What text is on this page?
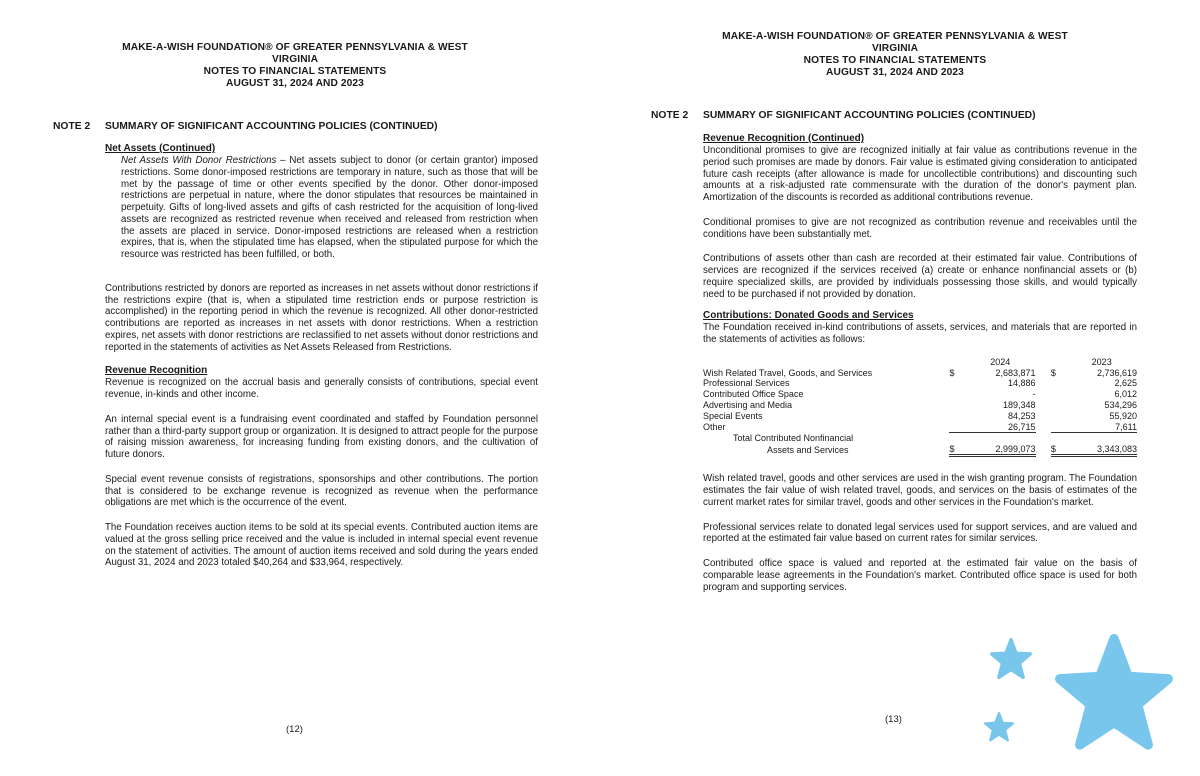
MAKE-A-WISH FOUNDATION® OF GREATER PENNSYLVANIA & WEST VIRGINIA
NOTES TO FINANCIAL STATEMENTS
AUGUST 31, 2024 AND 2023
NOTE 2 SUMMARY OF SIGNIFICANT ACCOUNTING POLICIES (CONTINUED)
Net Assets (Continued)

Net Assets With Donor Restrictions – Net assets subject to donor (or certain grantor) imposed restrictions. Some donor-imposed restrictions are temporary in nature, such as those that will be met by the passage of time or other events specified by the donor. Other donor-imposed restrictions are perpetual in nature, where the donor stipulates that resources be maintained in perpetuity. Gifts of long-lived assets and gifts of cash restricted for the acquisition of long-lived assets are recognized as restricted revenue when received and released from restriction when the assets are placed in service. Donor-imposed restrictions are released when a restriction expires, that is, when the stipulated time has elapsed, when the stipulated purpose for which the resource was restricted has been fulfilled, or both.

Contributions restricted by donors are reported as increases in net assets without donor restrictions if the restrictions expire (that is, when a stipulated time restriction ends or purpose restriction is accomplished) in the reporting period in which the revenue is recognized. All other donor-restricted contributions are reported as increases in net assets with donor restrictions. When a restriction expires, net assets with donor restrictions are reclassified to net assets without donor restrictions and reported in the statements of activities as Net Assets Released from Restrictions.

Revenue Recognition

Revenue is recognized on the accrual basis and generally consists of contributions, special event revenue, in-kinds and other income.

An internal special event is a fundraising event coordinated and staffed by Foundation personnel rather than a third-party support group or organization. It is designed to attract people for the purpose of raising mission awareness, for increasing funding from existing donors, and the cultivation of future donors.

Special event revenue consists of registrations, sponsorships and other contributions. The portion that is considered to be exchange revenue is recognized as revenue when the performance obligations are met which is the occurrence of the event.

The Foundation receives auction items to be sold at its special events. Contributed auction items are valued at the gross selling price received and the value is included in internal special event revenue on the statement of activities. The amount of auction items received and sold during the years ended August 31, 2024 and 2023 totaled $40,264 and $33,964, respectively.

(12)
MAKE-A-WISH FOUNDATION® OF GREATER PENNSYLVANIA & WEST VIRGINIA
NOTES TO FINANCIAL STATEMENTS
AUGUST 31, 2024 AND 2023
NOTE 2 SUMMARY OF SIGNIFICANT ACCOUNTING POLICIES (CONTINUED)
Revenue Recognition (Continued)

Unconditional promises to give are recognized initially at fair value as contributions revenue in the period such promises are made by donors. Fair value is estimated giving consideration to anticipated future cash receipts (after allowance is made for uncollectible contributions) and discounting such amounts at a risk-adjusted rate commensurate with the duration of the donor's payment plan. Amortization of the discounts is recorded as additional contributions revenue.

Conditional promises to give are not recognized as contribution revenue and receivables until the conditions have been substantially met.

Contributions of assets other than cash are recorded at their estimated fair value. Contributions of services are recognized if the services received (a) create or enhance nonfinancial assets or (b) require specialized skills, are provided by individuals possessing those skills, and would typically need to be purchased if not provided by donation.

Contributions: Donated Goods and Services

The Foundation received in-kind contributions of assets, services, and materials that are reported in the statements of activities as follows:

		2024			2023
Wish Related Travel, Goods, and Services	$	2,683,871		$	2,736,619
Professional Services		14,886			2,625
Contributed Office Space		-			6,012
Advertising and Media		189,348			534,296
Special Events		84,253			55,920
Other		26,715			7,611
Total Contributed Nonfinancial					
Assets and Services	$	2,999,073		$	3,343,083

Wish related travel, goods and other services are used in the wish granting program. The Foundation estimates the fair value of wish related travel, goods, and services on the basis of estimates of the current market rates for similar travel, goods and other services in the Foundation's market.

Professional services relate to donated legal services used for support services, and are valued and reported at the estimated fair value based on current rates for similar services.

Contributed office space is valued and reported at the estimated fair value on the basis of comparable lease agreements in the Foundation's market. Contributed office space is used for both program and supporting services.

(13)
